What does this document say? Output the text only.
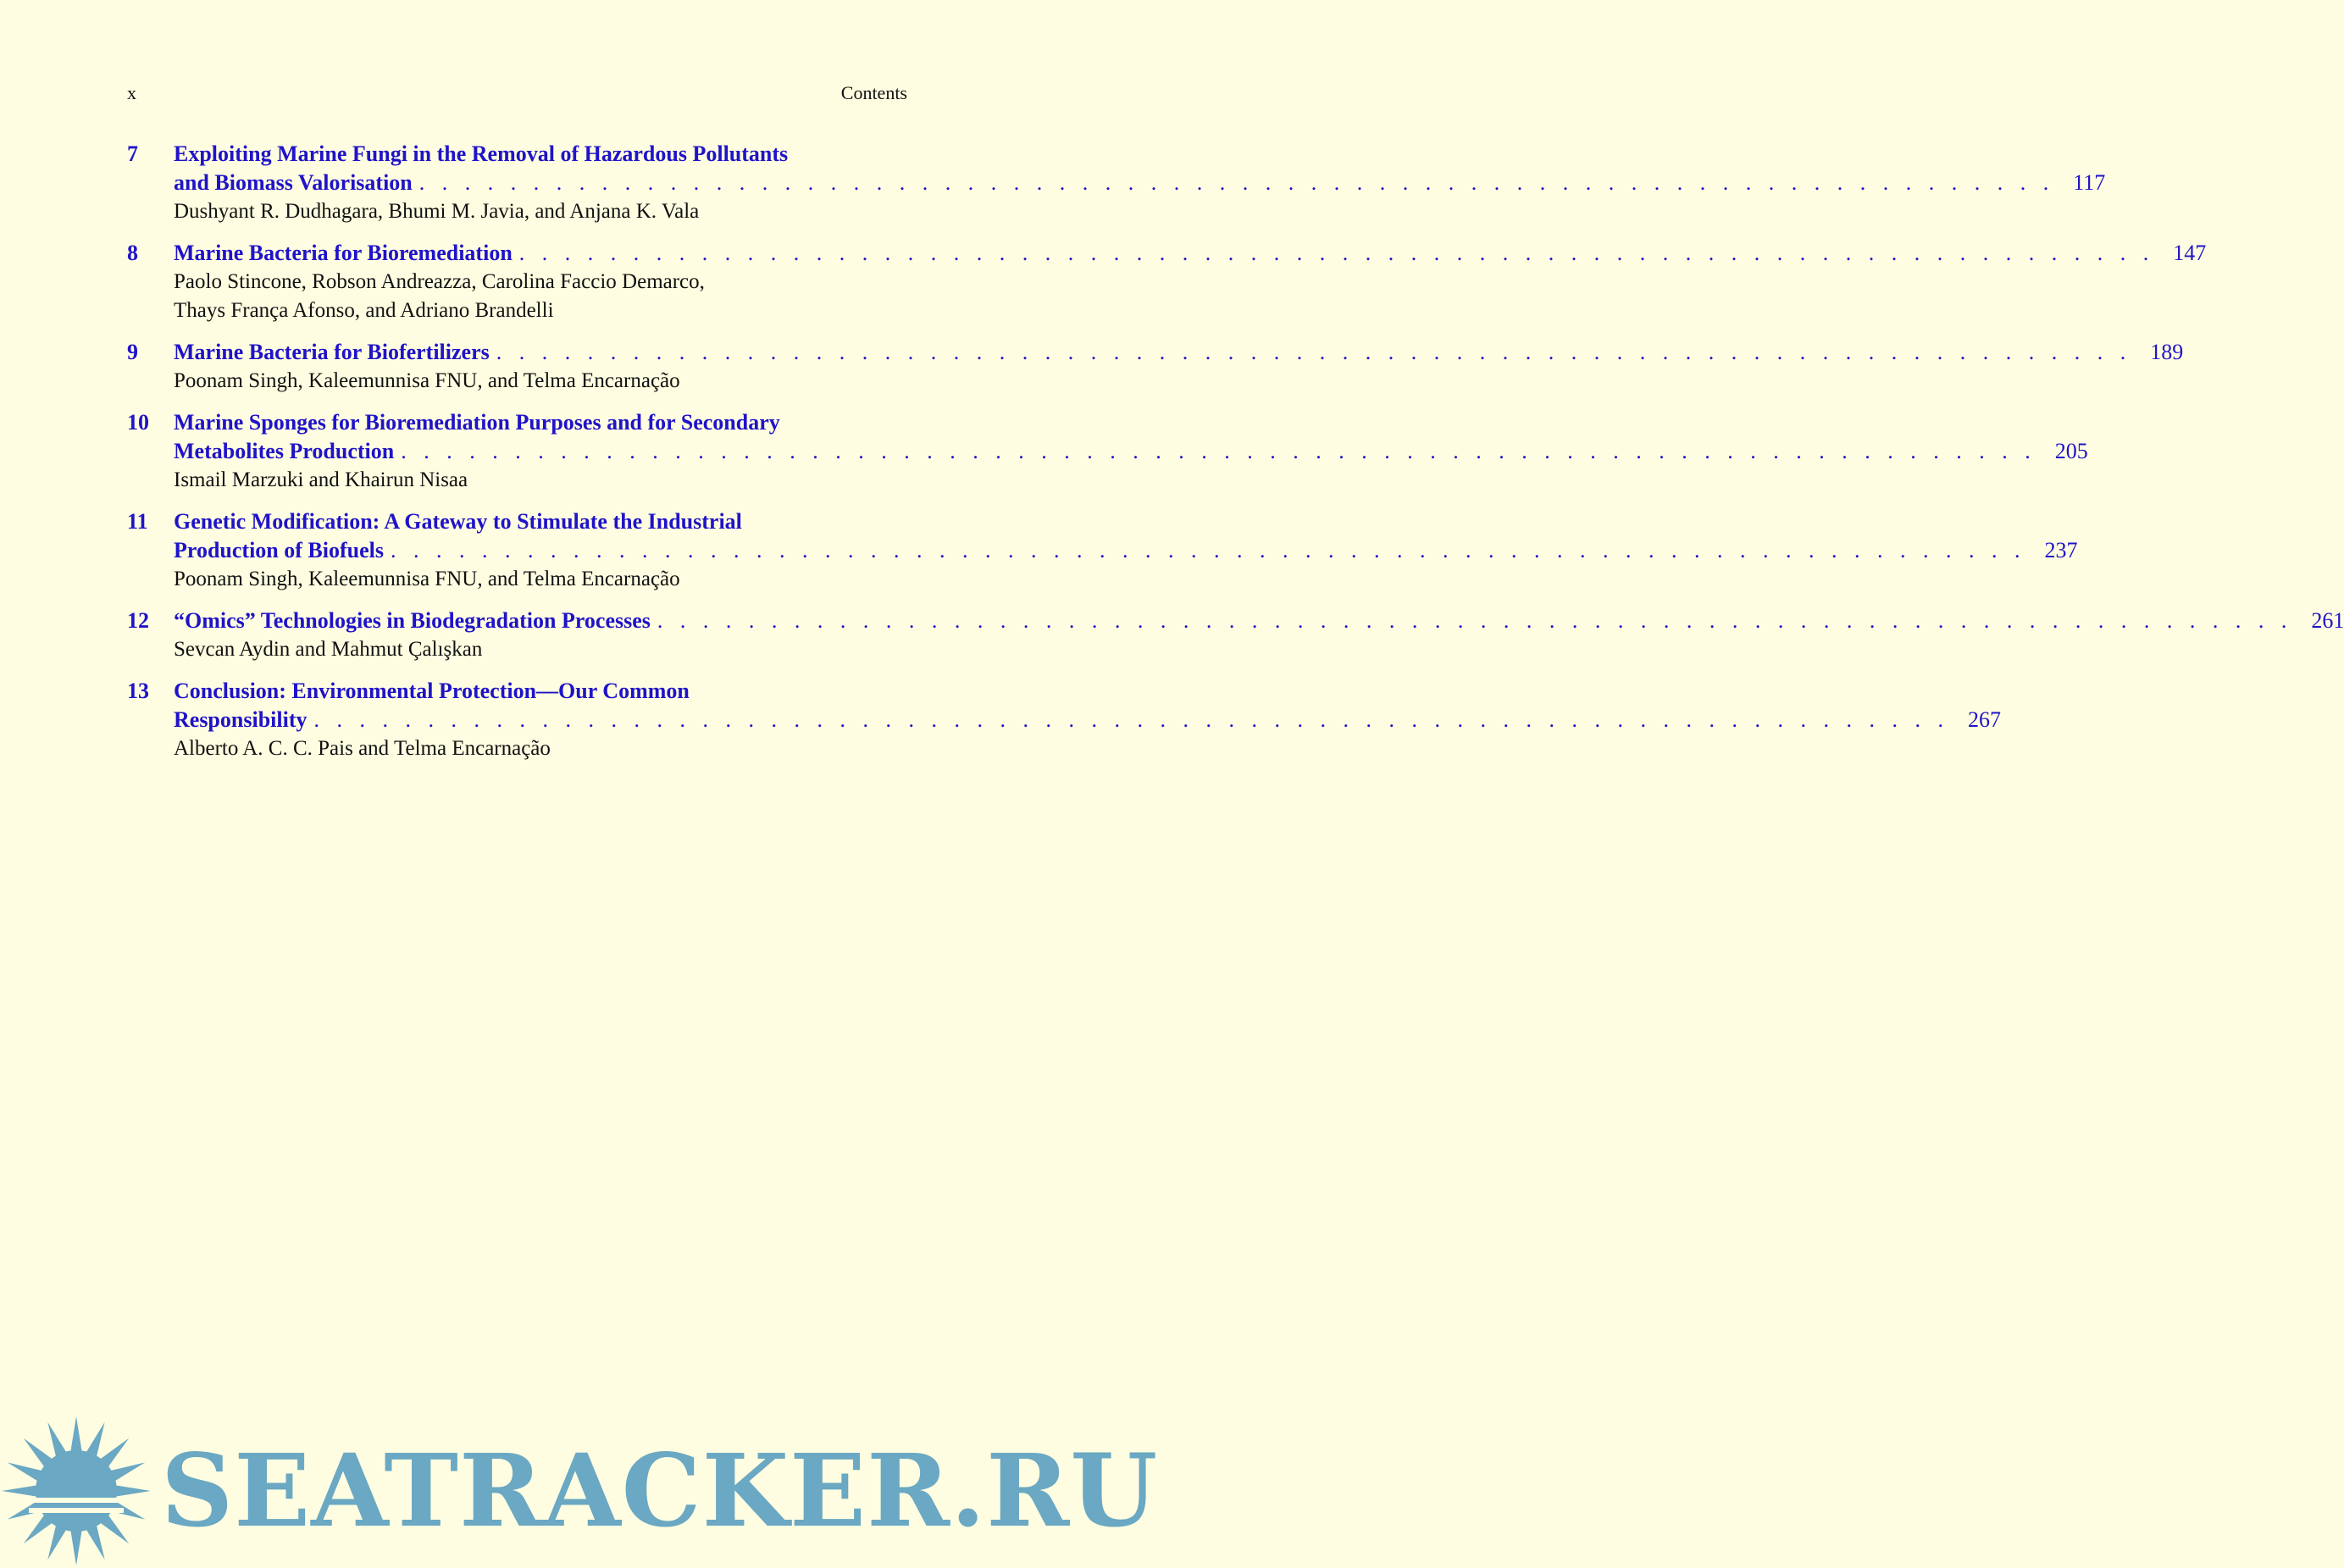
x	Contents
7	Exploiting Marine Fungi in the Removal of Hazardous Pollutants
and Biomass Valorisation . . .	117
Dushyant R. Dudhagara, Bhumi M. Javia, and Anjana K. Vala
8	Marine Bacteria for Bioremediation . . .	147
Paolo Stincone, Robson Andreazza, Carolina Faccio Demarco,
Thays França Afonso, and Adriano Brandelli
9	Marine Bacteria for Biofertilizers . . .	189
Poonam Singh, Kaleemunnisa FNU, and Telma Encarnação
10	Marine Sponges for Bioremediation Purposes and for Secondary
Metabolites Production . . .	205
Ismail Marzuki and Khairun Nisaa
11	Genetic Modification: A Gateway to Stimulate the Industrial
Production of Biofuels . . .	237
Poonam Singh, Kaleemunnisa FNU, and Telma Encarnação
12	“Omics” Technologies in Biodegradation Processes . . .	261
Sevcan Aydin and Mahmut Çalışkan
13	Conclusion: Environmental Protection—Our Common
Responsibility . . .	267
Alberto A. C. C. Pais and Telma Encarnação
SEATRACKER.RU
